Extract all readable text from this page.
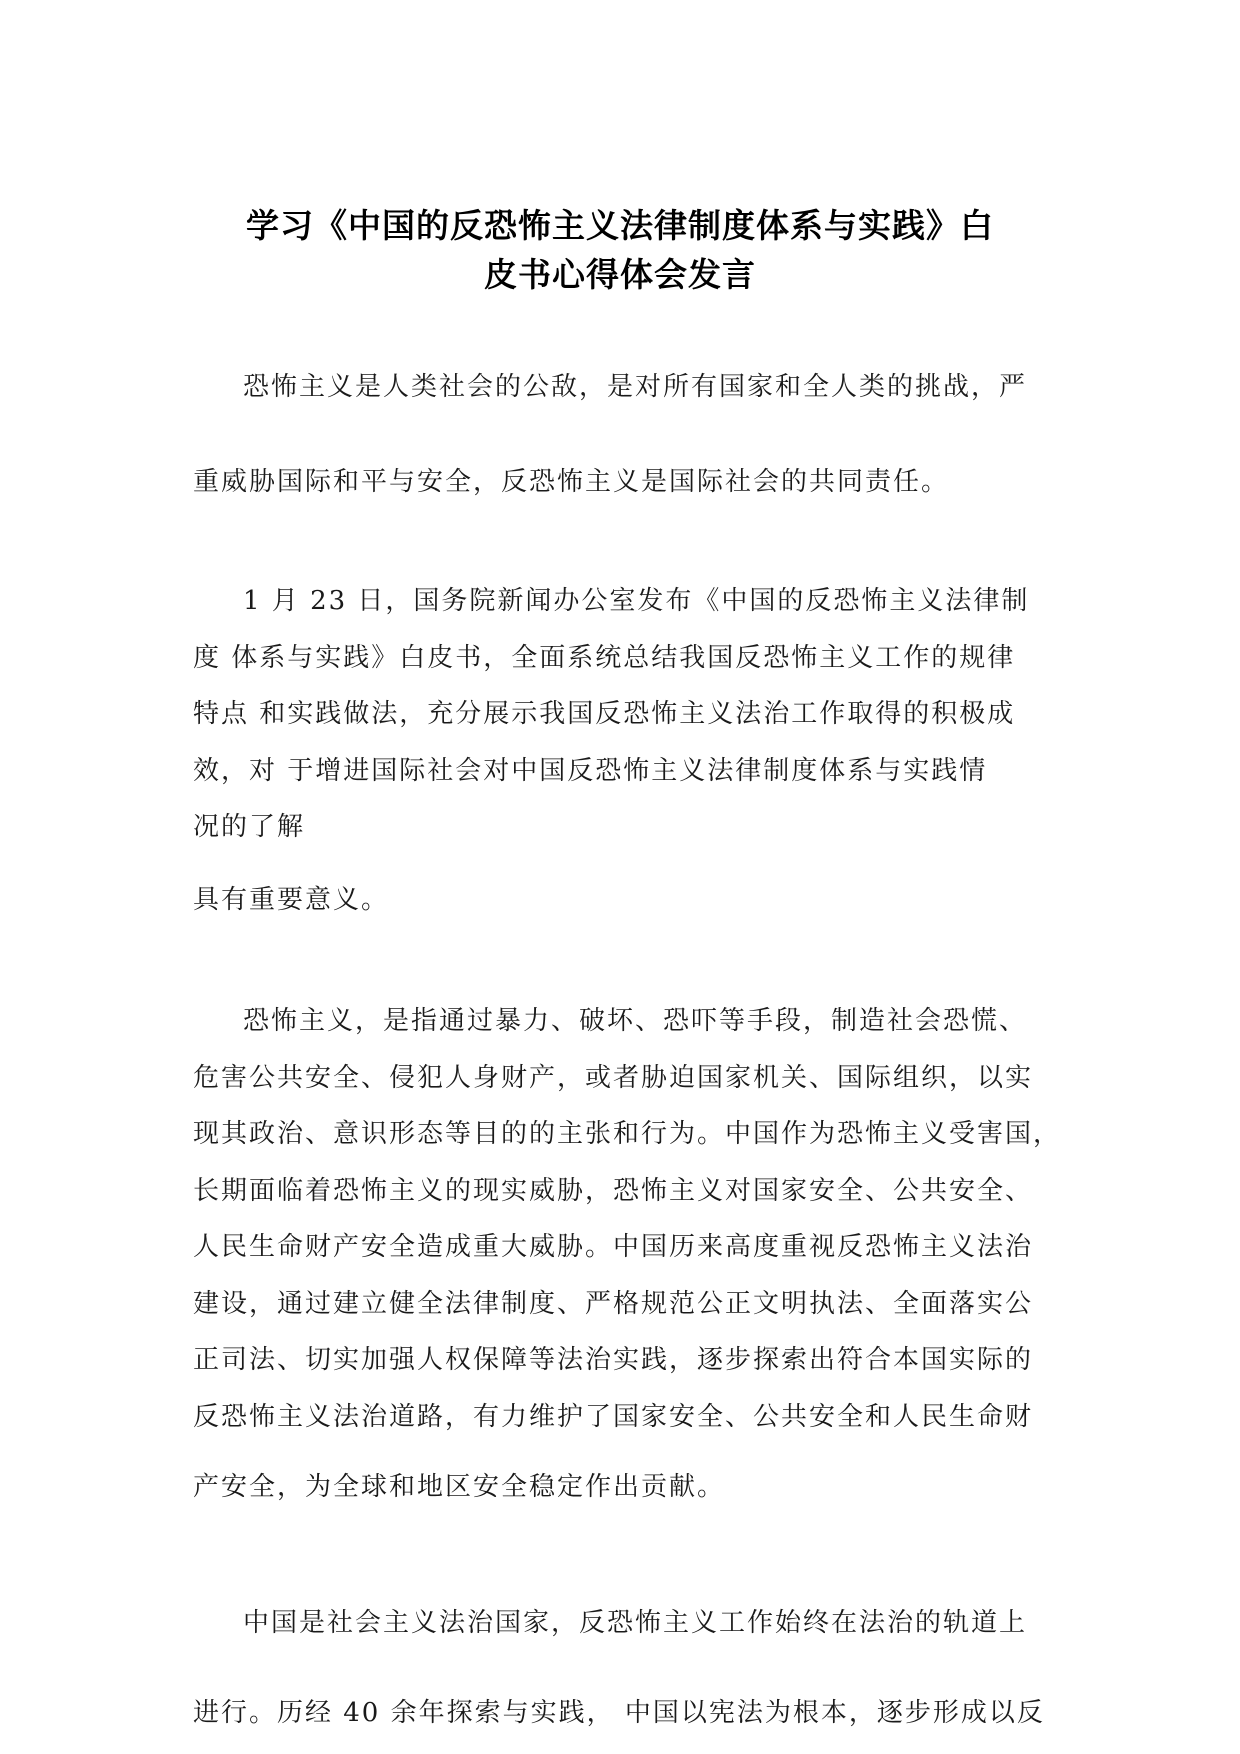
学习《中国的反恐怖主义法律制度体系与实践》白
皮书心得体会发言
恐怖主义是人类社会的公敌，是对所有国家和全人类的挑战，严
重威胁国际和平与安全，反恐怖主义是国际社会的共同责任。
1 月 23 日，国务院新闻办公室发布《中国的反恐怖主义法律制
度 体系与实践》白皮书，全面系统总结我国反恐怖主义工作的规律
特点 和实践做法，充分展示我国反恐怖主义法治工作取得的积极成
效，对 于增进国际社会对中国反恐怖主义法律制度体系与实践情
况的了解
具有重要意义。
恐怖主义，是指通过暴力、破坏、恐吓等手段，制造社会恐慌、
危害公共安全、侵犯人身财产，或者胁迫国家机关、国际组织，以实
现其政治、意识形态等目的的主张和行为。中国作为恐怖主义受害国，
长期面临着恐怖主义的现实威胁，恐怖主义对国家安全、公共安全、
人民生命财产安全造成重大威胁。中国历来高度重视反恐怖主义法治
建设，通过建立健全法律制度、严格规范公正文明执法、全面落实公
正司法、切实加强人权保障等法治实践，逐步探索出符合本国实际的
反恐怖主义法治道路，有力维护了国家安全、公共安全和人民生命财
产安全，为全球和地区安全稳定作出贡献。
中国是社会主义法治国家，反恐怖主义工作始终在法治的轨道上
进行。历经 40 余年探索与实践， 中国以宪法为根本，逐步形成以反
